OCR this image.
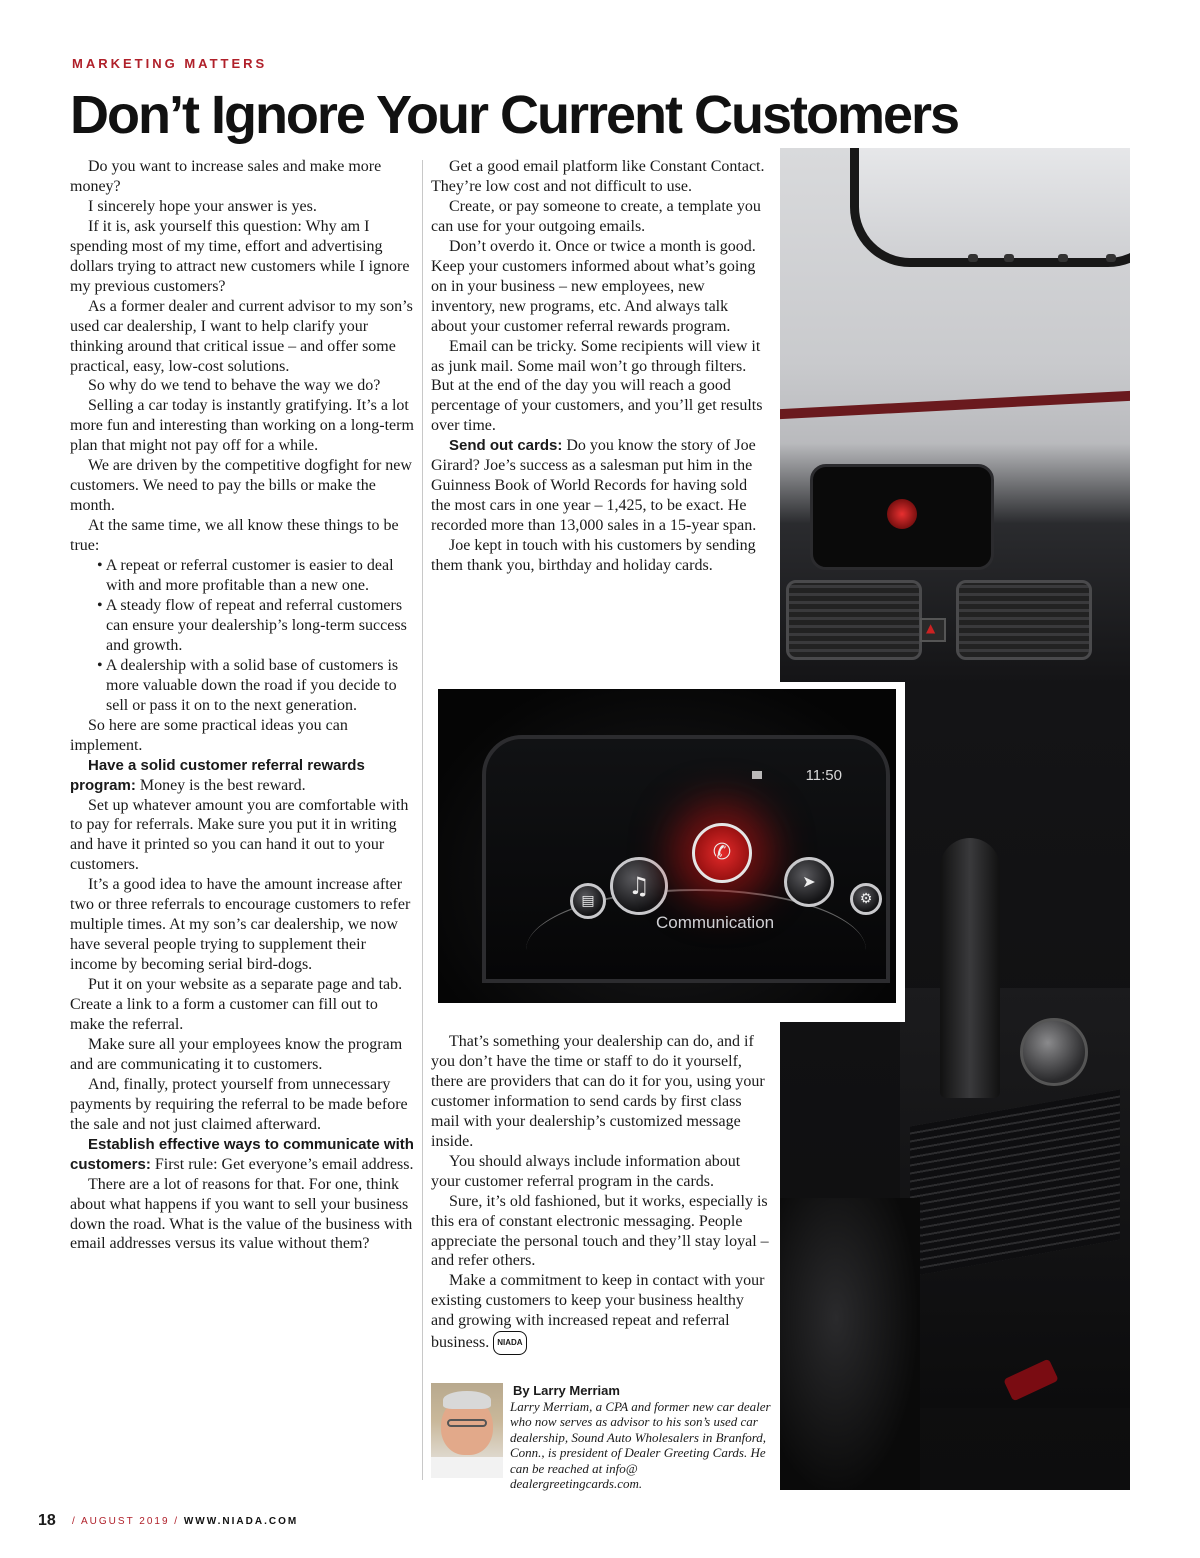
MARKETING MATTERS
Don’t Ignore Your Current Customers

Do you want to increase sales and make more money?

I sincerely hope your answer is yes.

If it is, ask yourself this question: Why am I spending most of my time, effort and advertising dollars trying to attract new customers while I ignore my previous customers?

As a former dealer and current advisor to my son’s used car dealership, I want to help clarify your thinking around that critical issue – and offer some practical, easy, low-cost solutions.

So why do we tend to behave the way we do?

Selling a car today is instantly gratifying. It’s a lot more fun and interesting than working on a long-term plan that might not pay off for a while.

We are driven by the competitive dogfight for new customers. We need to pay the bills or make the month.

At the same time, we all know these things to be true:

• A repeat or referral customer is easier to deal with and more profitable than a new one.
• A steady flow of repeat and referral customers can ensure your dealership’s long-term success and growth.
• A dealership with a solid base of customers is more valuable down the road if you decide to sell or pass it on to the next generation.

So here are some practical ideas you can implement.

Have a solid customer referral rewards program: Money is the best reward.

Set up whatever amount you are comfortable with to pay for referrals. Make sure you put it in writing and have it printed so you can hand it out to your customers.

It’s a good idea to have the amount increase after two or three referrals to encourage customers to refer multiple times. At my son’s car dealership, we now have several people trying to supplement their income by becoming serial bird-dogs.

Put it on your website as a separate page and tab. Create a link to a form a customer can fill out to make the referral.

Make sure all your employees know the program and are communicating it to customers.

And, finally, protect yourself from unnecessary payments by requiring the referral to be made before the sale and not just claimed afterward.

Establish effective ways to communicate with customers: First rule: Get everyone’s email address.

There are a lot of reasons for that. For one, think about what happens if you want to sell your business down the road. What is the value of the business with email addresses versus its value without them?

Get a good email platform like Constant Contact. They’re low cost and not difficult to use.

Create, or pay someone to create, a template you can use for your outgoing emails.

Don’t overdo it. Once or twice a month is good. Keep your customers informed about what’s going on in your business – new employees, new inventory, new programs, etc. And always talk about your customer referral rewards program.

Email can be tricky. Some recipients will view it as junk mail. Some mail won’t go through filters. But at the end of the day you will reach a good percentage of your customers, and you’ll get results over time.

Send out cards: Do you know the story of Joe Girard? Joe’s success as a salesman put him in the Guinness Book of World Records for having sold the most cars in one year – 1,425, to be exact. He recorded more than 13,000 sales in a 15-year span.

Joe kept in touch with his customers by sending them thank you, birthday and holiday cards.

That’s something your dealership can do, and if you don’t have the time or staff to do it yourself, there are providers that can do it for you, using your customer information to send cards by first class mail with your dealership’s customized message inside.

You should always include information about your customer referral program in the cards.

Sure, it’s old fashioned, but it works, especially is this era of constant electronic messaging. People appreciate the personal touch and they’ll stay loyal – and refer others.

Make a commitment to keep in contact with your existing customers to keep your business healthy and growing with increased repeat and referral business. NIADA

▲
11:50
▤
♫
✆
➤
⚙
Communication
By Larry Merriam

Larry Merriam, a CPA and former new car dealer who now serves as advisor to his son’s used car dealership, Sound Auto Wholesalers in Branford, Conn., is president of Dealer Greeting Cards. He can be reached at info@ dealergreetingcards.com.

18 / AUGUST 2019 / WWW.NIADA.COM
